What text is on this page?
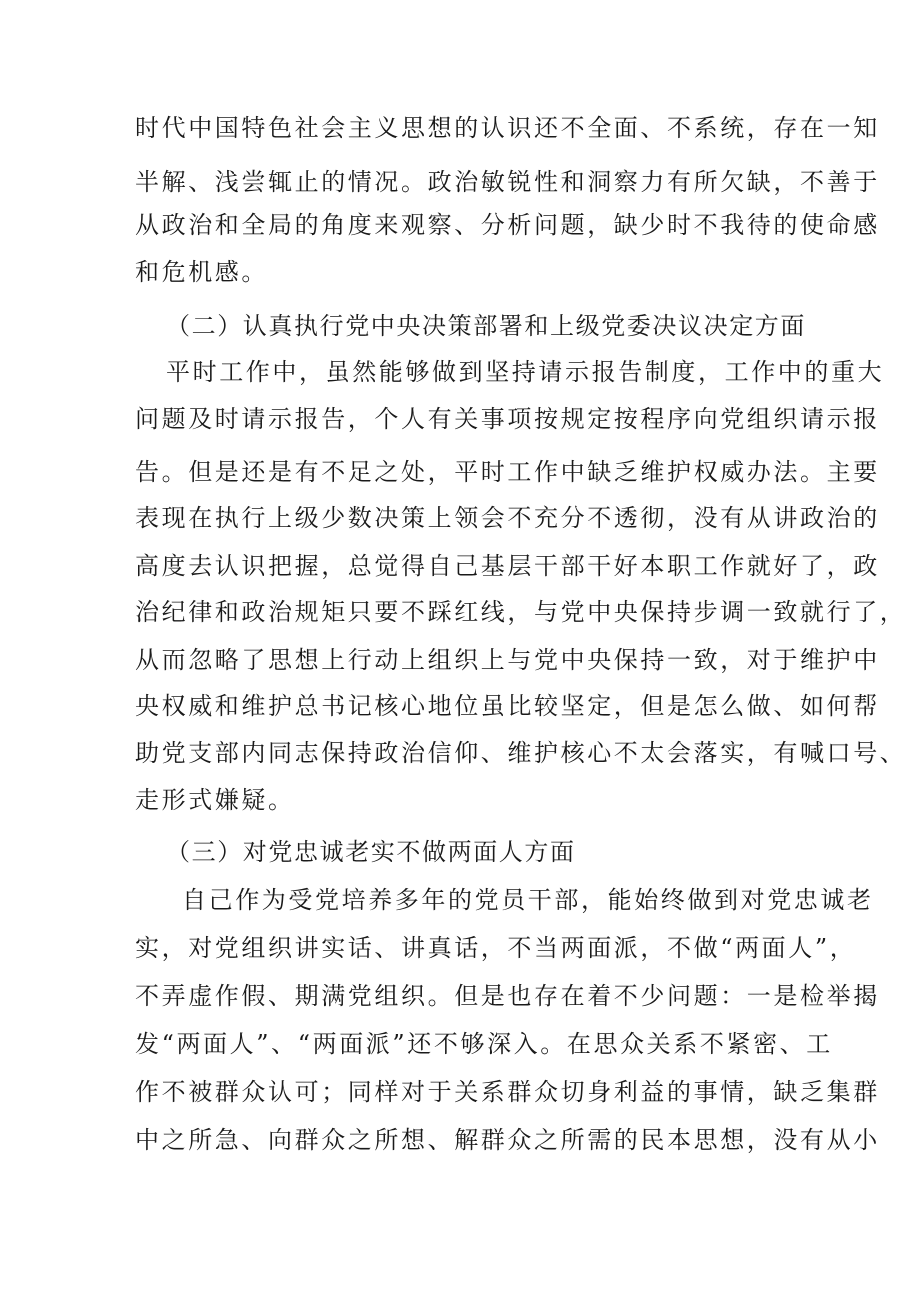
时代中国特色社会主义思想的认识还不全面、不系统，存在一知
半解、浅尝辄止的情况。政治敏锐性和洞察力有所欠缺，不善于
从政治和全局的角度来观察、分析问题，缺少时不我待的使命感
和危机感。
（二）认真执行党中央决策部署和上级党委决议决定方面
平时工作中，虽然能够做到坚持请示报告制度，工作中的重大
问题及时请示报告，个人有关事项按规定按程序向党组织请示报
告。但是还是有不足之处，平时工作中缺乏维护权威办法。主要
表现在执行上级少数决策上领会不充分不透彻，没有从讲政治的
高度去认识把握，总觉得自己基层干部干好本职工作就好了，政
治纪律和政治规矩只要不踩红线，与党中央保持步调一致就行了，
从而忽略了思想上行动上组织上与党中央保持一致，对于维护中
央权威和维护总书记核心地位虽比较坚定，但是怎么做、如何帮
助党支部内同志保持政治信仰、维护核心不太会落实，有喊口号、
走形式嫌疑。
（三）对党忠诚老实不做两面人方面
自己作为受党培养多年的党员干部，能始终做到对党忠诚老
实，对党组织讲实话、讲真话，不当两面派，不做“两面人”，
不弄虚作假、期满党组织。但是也存在着不少问题：一是检举揭
发“两面人”、“两面派”还不够深入。在思众关系不紧密、工
作不被群众认可；同样对于关系群众切身利益的事情，缺乏集群
中之所急、向群众之所想、解群众之所需的民本思想，没有从小
